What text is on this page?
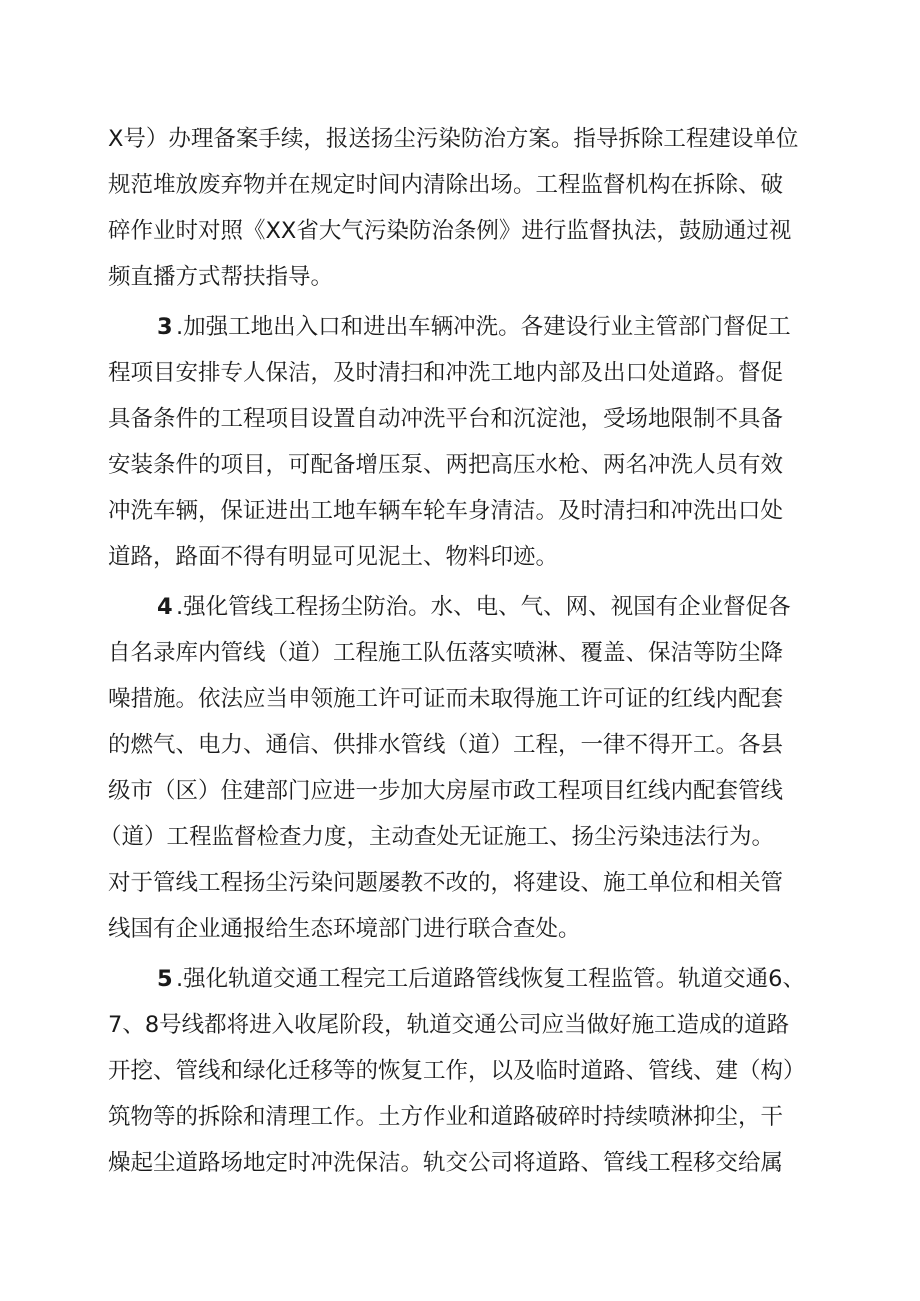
X号）办理备案手续，报送扬尘污染防治方案。指导拆除工程建设单位
规范堆放废弃物并在规定时间内清除出场。工程监督机构在拆除、破
碎作业时对照《XX省大气污染防治条例》进行监督执法，鼓励通过视
频直播方式帮扶指导。
3 .加强工地出入口和进出车辆冲洗。各建设行业主管部门督促工
程项目安排专人保洁，及时清扫和冲洗工地内部及出口处道路。督促
具备条件的工程项目设置自动冲洗平台和沉淀池，受场地限制不具备
安装条件的项目，可配备增压泵、两把高压水枪、两名冲洗人员有效
冲洗车辆，保证进出工地车辆车轮车身清洁。及时清扫和冲洗出口处
道路，路面不得有明显可见泥土、物料印迹。
4 .强化管线工程扬尘防治。水、电、气、网、视国有企业督促各
自名录库内管线（道）工程施工队伍落实喷淋、覆盖、保洁等防尘降
噪措施。依法应当申领施工许可证而未取得施工许可证的红线内配套
的燃气、电力、通信、供排水管线（道）工程，一律不得开工。各县
级市（区）住建部门应进一步加大房屋市政工程项目红线内配套管线
（道）工程监督检查力度，主动查处无证施工、扬尘污染违法行为。
对于管线工程扬尘污染问题屡教不改的，将建设、施工单位和相关管
线国有企业通报给生态环境部门进行联合查处。
5 .强化轨道交通工程完工后道路管线恢复工程监管。轨道交通6、
7、8号线都将进入收尾阶段，轨道交通公司应当做好施工造成的道路
开挖、管线和绿化迁移等的恢复工作，以及临时道路、管线、建（构）
筑物等的拆除和清理工作。土方作业和道路破碎时持续喷淋抑尘，干
燥起尘道路场地定时冲洗保洁。轨交公司将道路、管线工程移交给属
